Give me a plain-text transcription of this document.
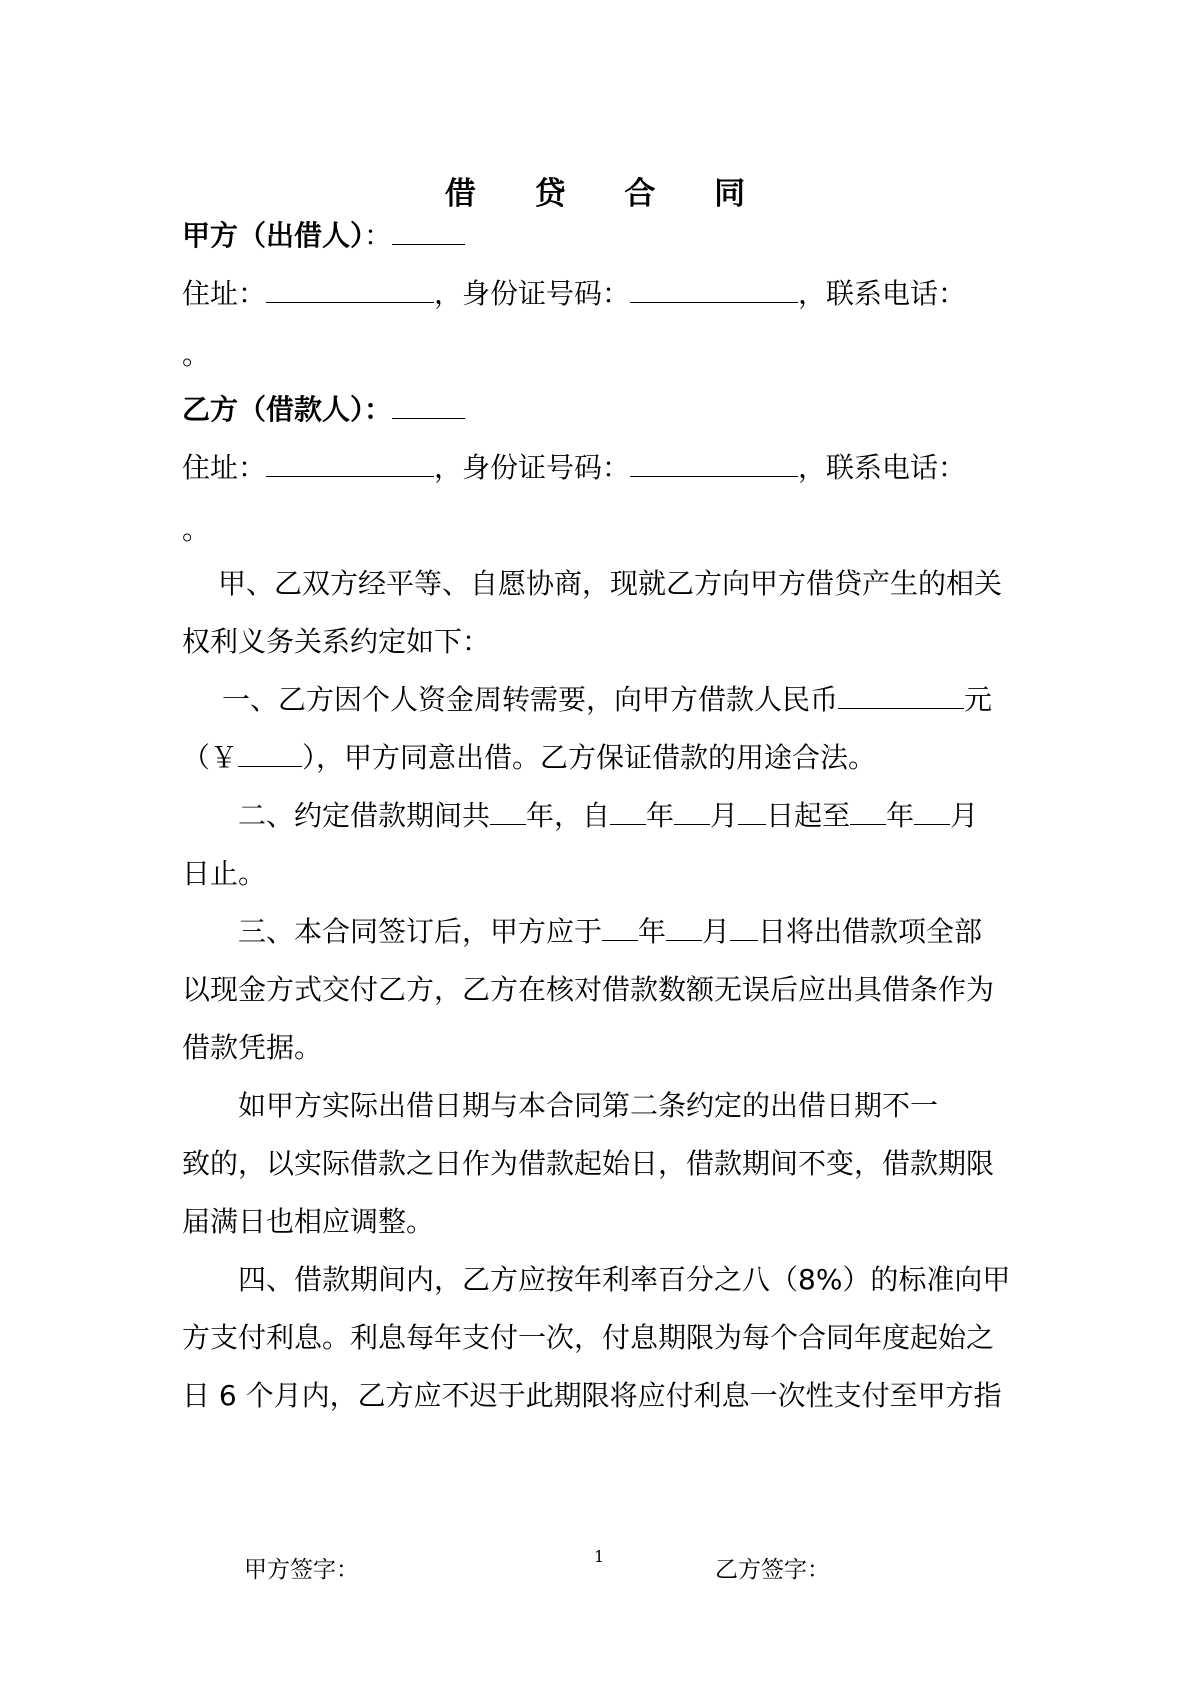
借 贷 合 同
甲方（出借人）：
住址：	，身份证号码：	，联系电话：
。
乙方（借款人）：
住址：	，身份证号码：	，联系电话：
。
甲、乙双方经平等、自愿协商，现就乙方向甲方借贷产生的相关
权利义务关系约定如下：
一、乙方因个人资金周转需要，向甲方借款人民币	元
（￥ ），甲方同意出借。乙方保证借款的用途合法。
二、约定借款期间共 年，自 年 月 日起至 年 月
日止。
三、本合同签订后，甲方应于 年 月 日将出借款项全部
以现金方式交付乙方，乙方在核对借款数额无误后应出具借条作为
借款凭据。
如甲方实际出借日期与本合同第二条约定的出借日期不一
致的，以实际借款之日作为借款起始日，借款期间不变，借款期限
届满日也相应调整。
四、借款期间内，乙方应按年利率百分之八（8%）的标准向甲
方支付利息。利息每年支付一次，付息期限为每个合同年度起始之
日 6 个月内，乙方应不迟于此期限将应付利息一次性支付至甲方指
甲方签字：
1
乙方签字：
